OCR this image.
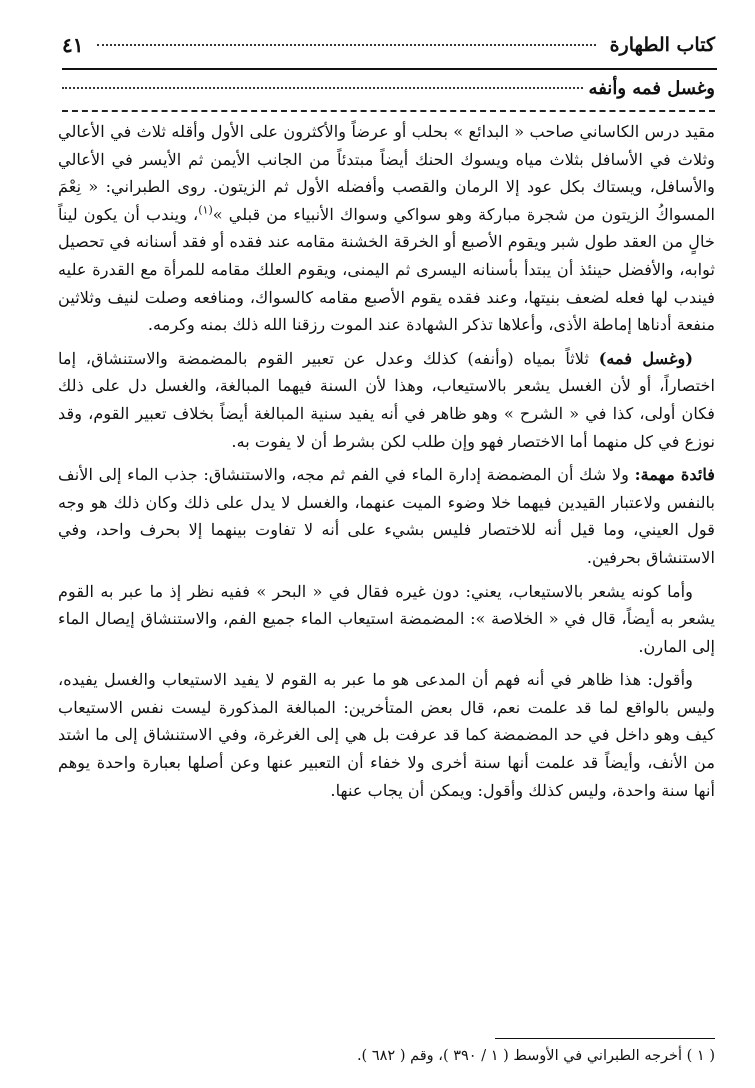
كتاب الطهارة
٤١
وغسل فمه وأنفه

مقيد درس الكاساني صاحب « البدائع » بحلب أو عرضاً والأكثرون على الأول وأقله ثلاث في الأعالي وثلاث في الأسافل بثلاث مياه ويسوك الحنك أيضاً مبتدئاً من الجانب الأيمن ثم الأيسر في الأعالي والأسافل، ويستاك بكل عود إلا الرمان والقصب وأفضله الأول ثم الزيتون. روى الطبراني: « نِعْمَ المسواكُ الزيتون من شجرة مباركة وهو سواكي وسواك الأنبياء من قبلي »$^{(١)}$، ويندب أن يكون ليناً خالٍ من العقد طول شبر ويقوم الأصبع أو الخرقة الخشنة مقامه عند فقده أو فقد أسنانه في تحصيل ثوابه، والأفضل حينئذ أن يبتدأ بأسنانه اليسرى ثم اليمنى، ويقوم العلك مقامه للمرأة مع القدرة عليه فيندب لها فعله لضعف بنيتها، وعند فقده يقوم الأصبع مقامه كالسواك، ومنافعه وصلت لنيف وثلاثين منفعة أدناها إماطة الأذى، وأعلاها تذكر الشهادة عند الموت رزقنا الله ذلك بمنه وكرمه.

(وغسل فمه) ثلاثاً بمياه (وأنفه) كذلك وعدل عن تعبير القوم بالمضمضة والاستنشاق، إما اختصاراً، أو لأن الغسل يشعر بالاستيعاب، وهذا لأن السنة فيهما المبالغة، والغسل دل على ذلك فكان أولى، كذا في « الشرح » وهو ظاهر في أنه يفيد سنية المبالغة أيضاً بخلاف تعبير القوم، وقد نوزع في كل منهما أما الاختصار فهو وإن طلب لكن بشرط أن لا يفوت به.

فائدة مهمة: ولا شك أن المضمضة إدارة الماء في الفم ثم مجه، والاستنشاق: جذب الماء إلى الأنف بالنفس ولاعتبار القيدين فيهما خلا وضوء الميت عنهما، والغسل لا يدل على ذلك وكان ذلك هو وجه قول العيني، وما قيل أنه للاختصار فليس بشيء على أنه لا تفاوت بينهما إلا بحرف واحد، وفي الاستنشاق بحرفين.

وأما كونه يشعر بالاستيعاب، يعني: دون غيره فقال في « البحر » ففيه نظر إذ ما عبر به القوم يشعر به أيضاً، قال في « الخلاصة »: المضمضة استيعاب الماء جميع الفم، والاستنشاق إيصال الماء إلى المارن.

وأقول: هذا ظاهر في أنه فهم أن المدعى هو ما عبر به القوم لا يفيد الاستيعاب والغسل يفيده، وليس بالواقع لما قد علمت نعم، قال بعض المتأخرين: المبالغة المذكورة ليست نفس الاستيعاب كيف وهو داخل في حد المضمضة كما قد عرفت بل هي إلى الغرغرة، وفي الاستنشاق إلى ما اشتد من الأنف، وأيضاً قد علمت أنها سنة أخرى ولا خفاء أن التعبير عنها وعن أصلها بعبارة واحدة يوهم أنها سنة واحدة، وليس كذلك وأقول: ويمكن أن يجاب عنها.

( ١ ) أخرجه الطبراني في الأوسط ( ١ / ٣٩٠ )، وقم ( ٦٨٢ ).
